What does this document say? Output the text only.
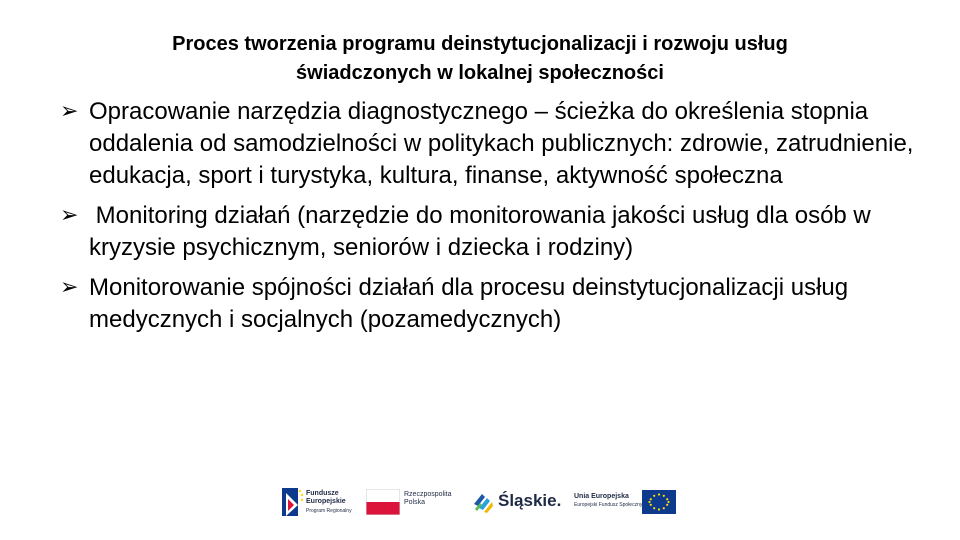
Proces tworzenia programu deinstytucjonalizacji i rozwoju usług
świadczonych w lokalnej społeczności
➢ Opracowanie narzędzia diagnostycznego – ścieżka do określenia stopnia oddalenia od samodzielności w politykach publicznych: zdrowie, zatrudnienie, edukacja, sport i turystyka, kultura, finanse, aktywność społeczna
➢ Monitoring działań (narzędzie do monitorowania jakości usług dla osób w kryzysie psychicznym, seniorów i dziecka i rodziny)
➢ Monitorowanie spójności działań dla procesu deinstytucjonalizacji usług medycznych i socjalnych (pozamedycznych)
Fundusze
Europejskie
Program Regionalny
Rzeczpospolita
Polska	Śląskie. Unia Europejska
Europejski Fundusz Społeczny
